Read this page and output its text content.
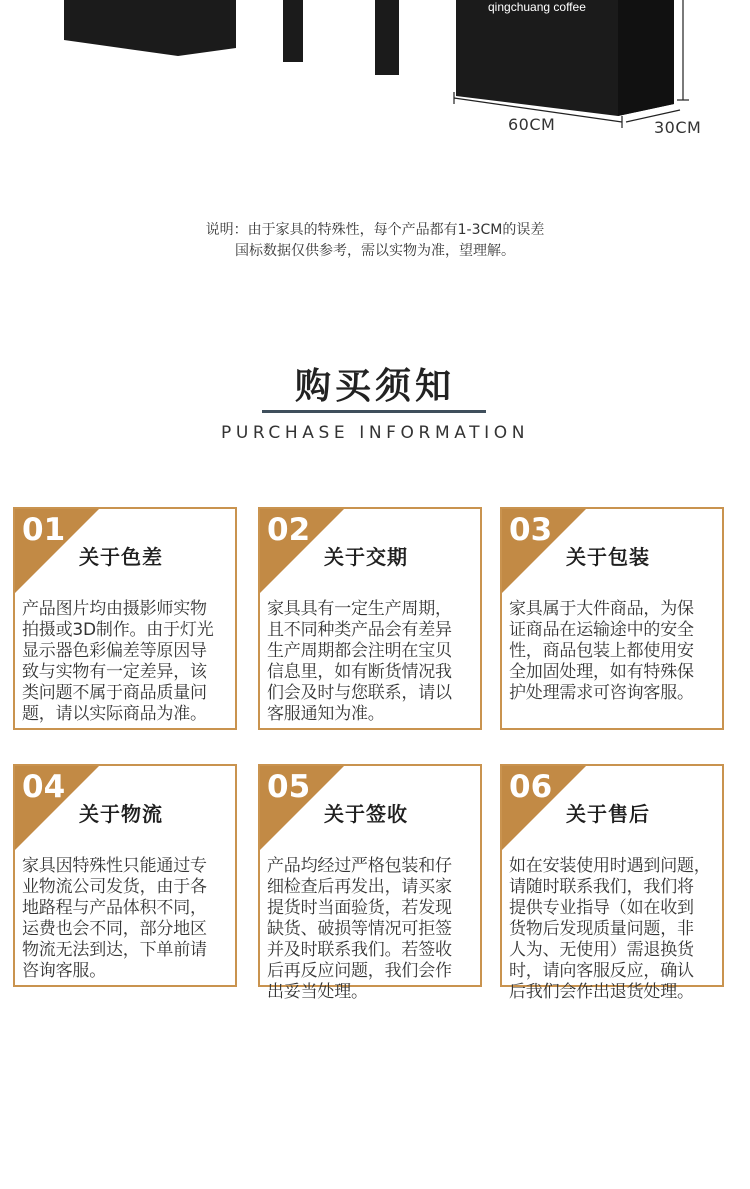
qingchuang coffee
60CM	30CM
说明：由于家具的特殊性，每个产品都有1-3CM的误差
国标数据仅供参考，需以实物为准，望理解。
购买须知
PURCHASE INFORMATION
01
关于色差
产品图片均由摄影师实物
拍摄或3D制作。由于灯光
显示器色彩偏差等原因导
致与实物有一定差异，该
类问题不属于商品质量问
题，请以实际商品为准。
02
关于交期
家具具有一定生产周期，
且不同种类产品会有差异
生产周期都会注明在宝贝
信息里，如有断货情况我
们会及时与您联系，请以
客服通知为准。
03
关于包装
家具属于大件商品，为保
证商品在运输途中的安全
性，商品包装上都使用安
全加固处理，如有特殊保
护处理需求可咨询客服。
04
关于物流
家具因特殊性只能通过专
业物流公司发货，由于各
地路程与产品体积不同，
运费也会不同，部分地区
物流无法到达，下单前请
咨询客服。
05
关于签收
产品均经过严格包装和仔
细检查后再发出，请买家
提货时当面验货，若发现
缺货、破损等情况可拒签
并及时联系我们。若签收
后再反应问题，我们会作
出妥当处理。
06
关于售后
如在安装使用时遇到问题，
请随时联系我们，我们将
提供专业指导（如在收到
货物后发现质量问题，非
人为、无使用）需退换货
时，请向客服反应，确认
后我们会作出退货处理。
